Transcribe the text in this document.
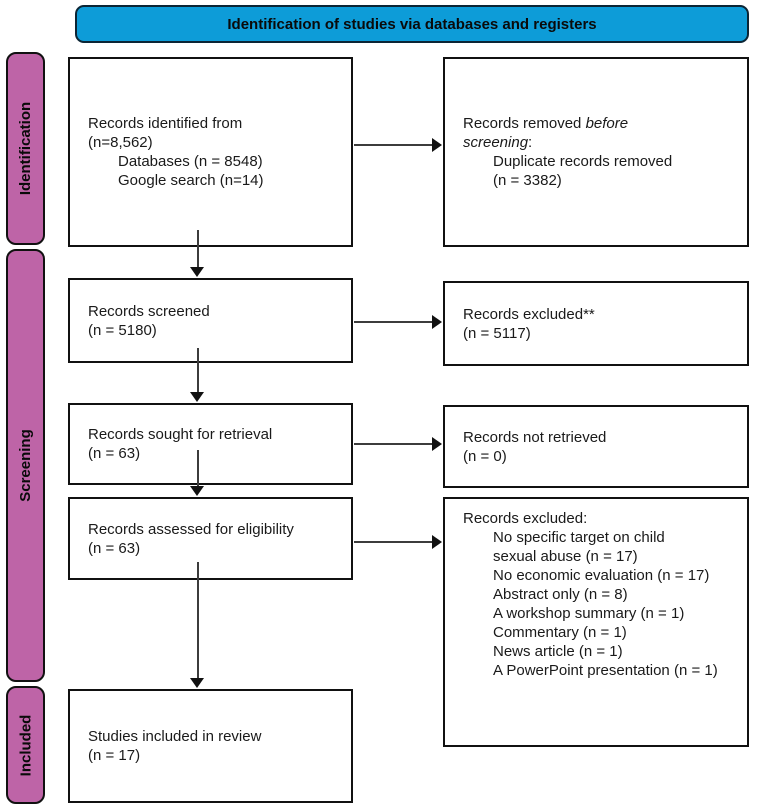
Identification of studies via databases and registers
Identification
Screening
Included
Records identified from
(n=8,562)
Databases (n = 8548)
Google search (n=14)
Records removed before
screening:
Duplicate records removed
(n = 3382)
Records screened
(n = 5180)
Records excluded**
(n = 5117)
Records sought for retrieval
(n = 63)
Records not retrieved
(n = 0)
Records assessed for eligibility
(n = 63)
Records excluded:
No specific target on child
sexual abuse (n = 17)
No economic evaluation (n = 17)
Abstract only (n = 8)
A workshop summary (n = 1)
Commentary (n = 1)
News article (n = 1)
A PowerPoint presentation (n = 1)
Studies included in review
(n = 17)
